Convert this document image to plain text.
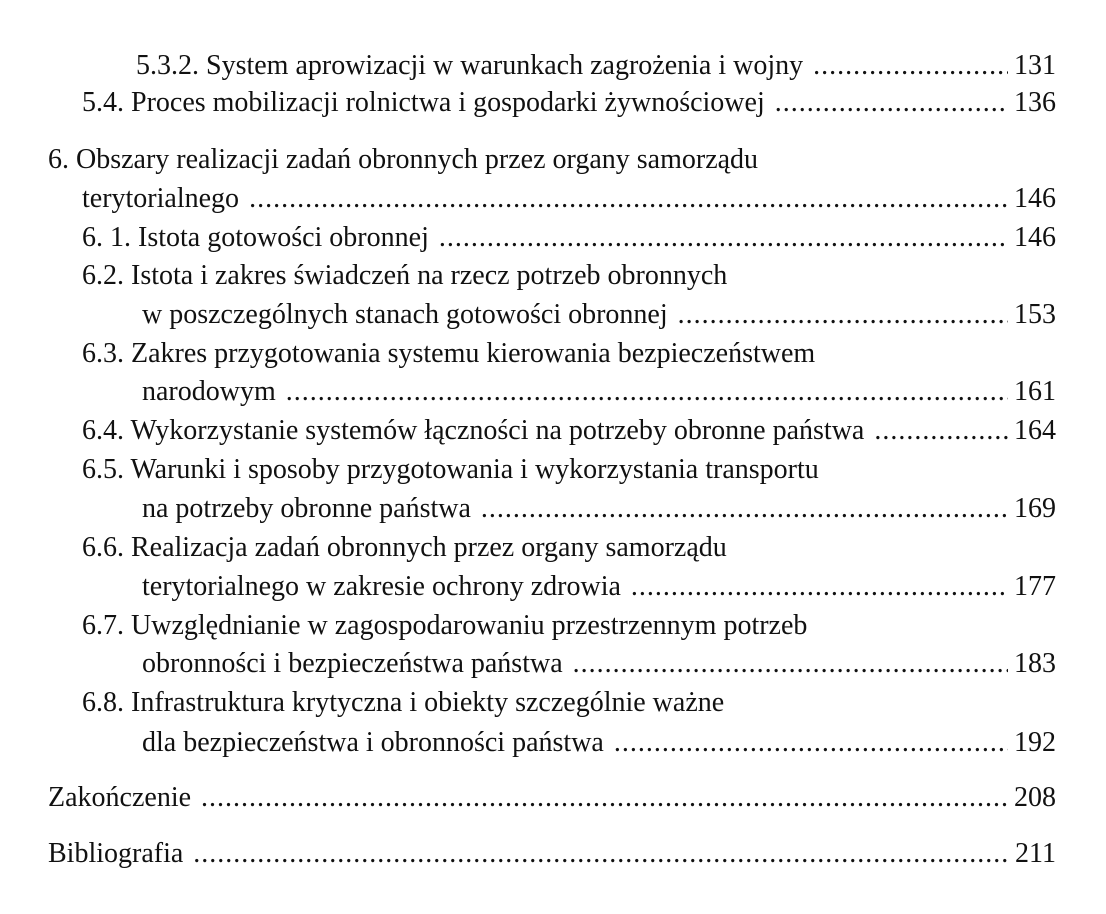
5.3.2. System aprowizacji w warunkach zagrożenia i wojny .....	131
5.4. Proces mobilizacji rolnictwa i gospodarki żywnościowej .....	136
6. Obszary realizacji zadań obronnych przez organy samorządu
terytorialnego .....	146
6. 1. Istota gotowości obronnej .....	146
6.2. Istota i zakres świadczeń na rzecz potrzeb obronnych
w poszczególnych stanach gotowości obronnej .....	153
6.3. Zakres przygotowania systemu kierowania bezpieczeństwem
narodowym .....	161
6.4. Wykorzystanie systemów łączności na potrzeby obronne państwa .....	164
6.5. Warunki i sposoby przygotowania i wykorzystania transportu
na potrzeby obronne państwa .....	169
6.6. Realizacja zadań obronnych przez organy samorządu
terytorialnego w zakresie ochrony zdrowia .....	177
6.7. Uwzględnianie w zagospodarowaniu przestrzennym potrzeb
obronności i bezpieczeństwa państwa .....	183
6.8. Infrastruktura krytyczna i obiekty szczególnie ważne
dla bezpieczeństwa i obronności państwa .....	192
Zakończenie .....	208
Bibliografia .....	211
